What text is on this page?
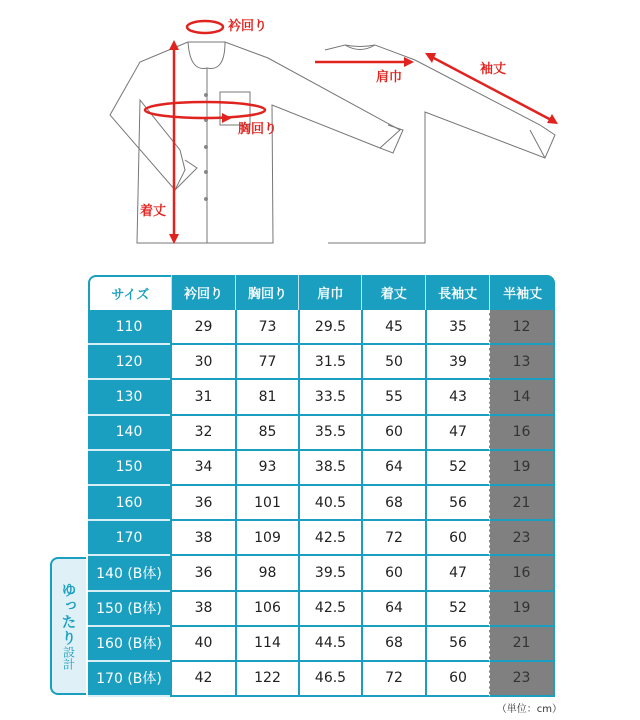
衿回り
胸回り
着丈
肩巾
袖丈
ゆったり
設計
サイズ	衿回り	胸回り	肩巾	着丈	長袖丈	半袖丈
110	29	73	29.5	45	35	12
120	30	77	31.5	50	39	13
130	31	81	33.5	55	43	14
140	32	85	35.5	60	47	16
150	34	93	38.5	64	52	19
160	36	101	40.5	68	56	21
170	38	109	42.5	72	60	23
140 (B体)	36	98	39.5	60	47	16
150 (B体)	38	106	42.5	64	52	19
160 (B体)	40	114	44.5	68	56	21
170 (B体)	42	122	46.5	72	60	23
（単位：cm）
